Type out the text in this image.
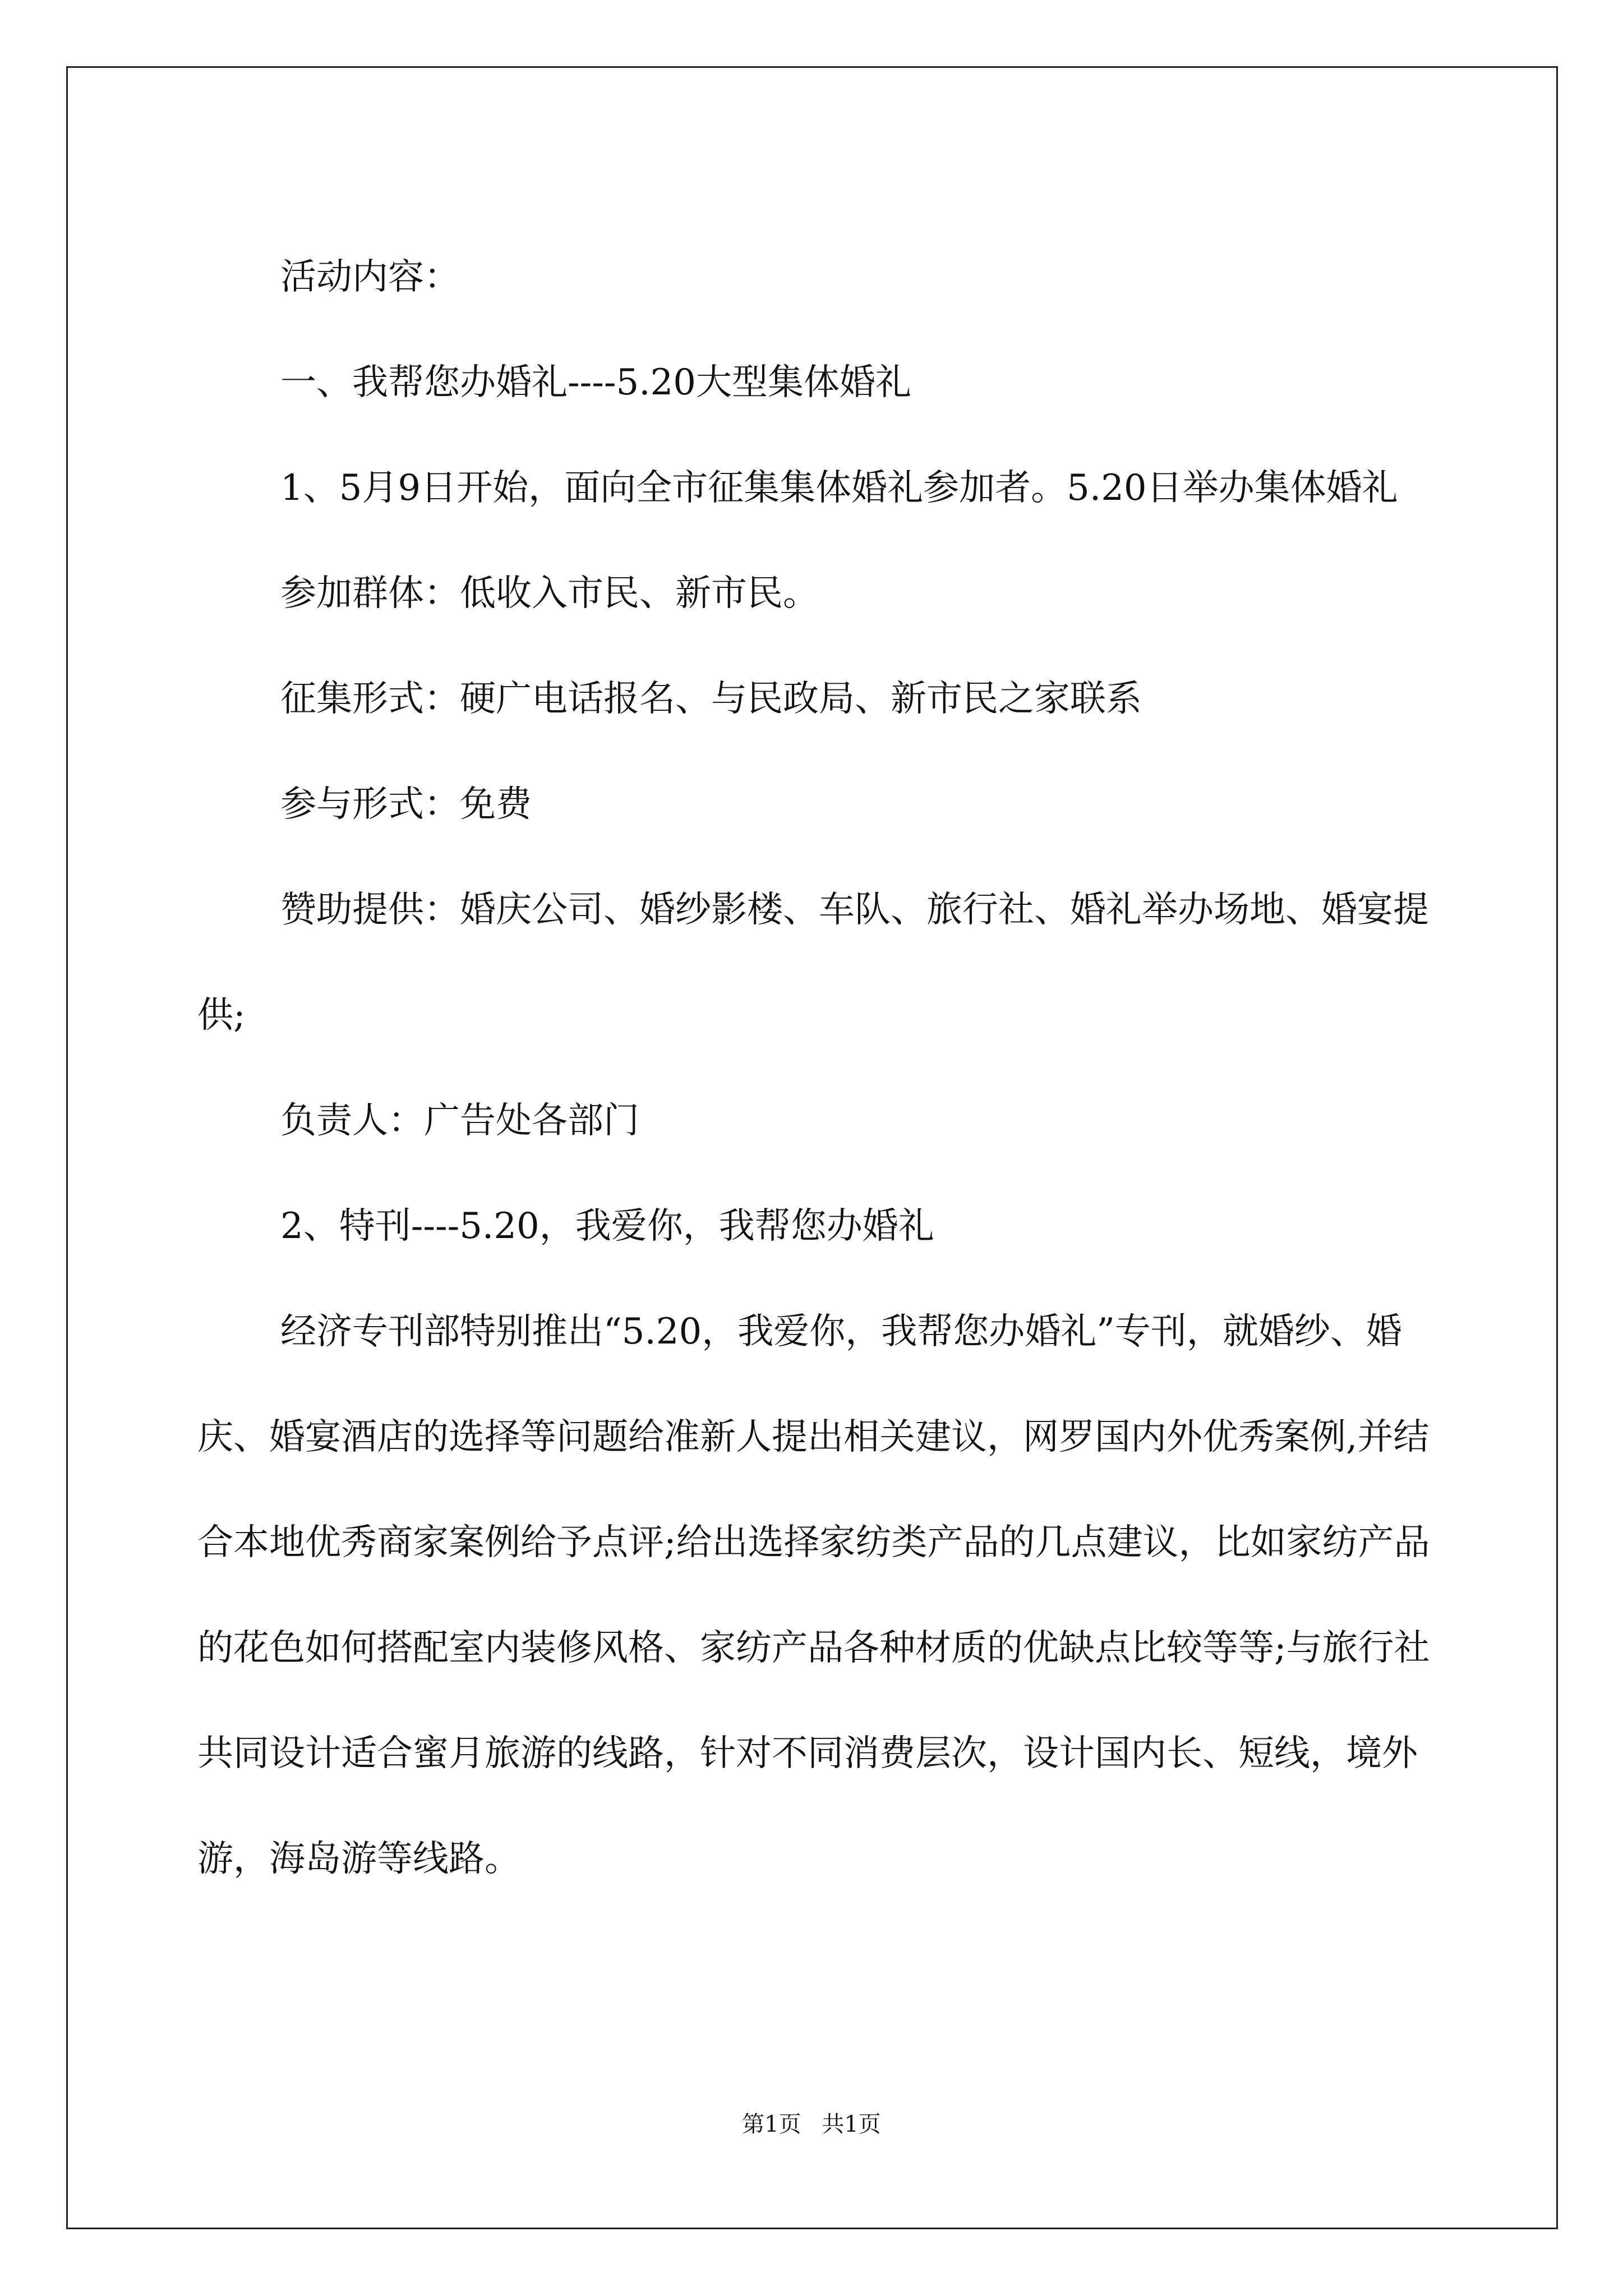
活动内容：

一、我帮您办婚礼----5.20大型集体婚礼

1、5月9日开始，面向全市征集集体婚礼参加者。5.20日举办集体婚礼

参加群体：低收入市民、新市民。

征集形式：硬广电话报名、与民政局、新市民之家联系

参与形式：免费

赞助提供：婚庆公司、婚纱影楼、车队、旅行社、婚礼举办场地、婚宴提供;

负责人：广告处各部门

2、特刊----5.20，我爱你，我帮您办婚礼

经济专刊部特别推出“5.20，我爱你，我帮您办婚礼”专刊，就婚纱、婚庆、婚宴酒店的选择等问题给准新人提出相关建议，网罗国内外优秀案例,并结合本地优秀商家案例给予点评;给出选择家纺类产品的几点建议，比如家纺产品的花色如何搭配室内装修风格、家纺产品各种材质的优缺点比较等等;与旅行社共同设计适合蜜月旅游的线路，针对不同消费层次，设计国内长、短线，境外游，海岛游等线路。

第1页 共1页
